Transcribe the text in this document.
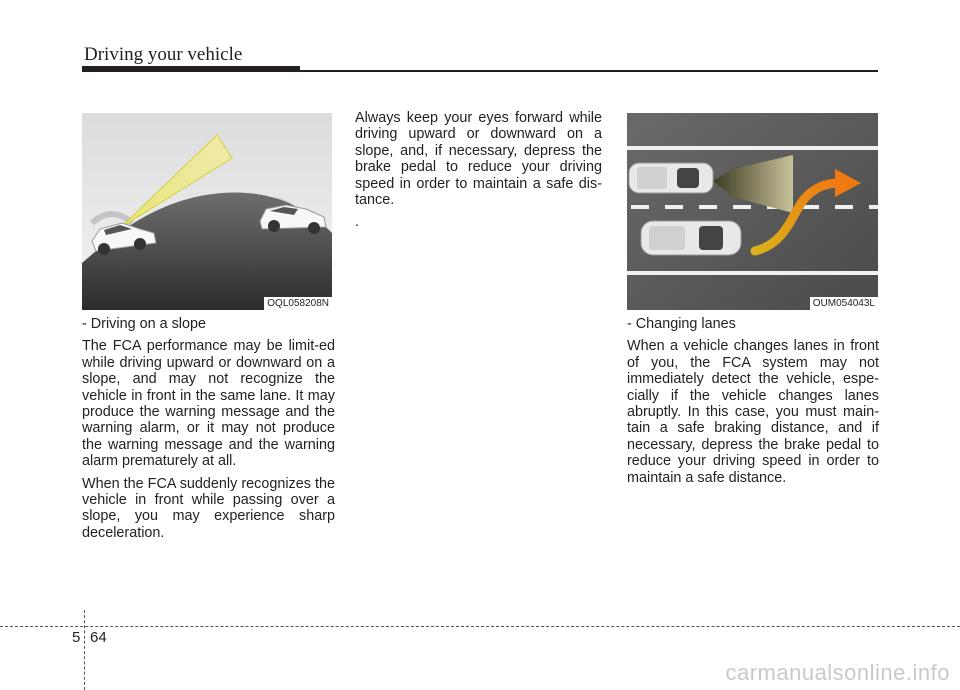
Driving your vehicle
OQL058208N	OUM054043L

- Driving on a slope

The FCA performance may be limit-ed while driving upward or downward on a slope, and may not recognize the vehicle in front in the same lane. It may produce the warning message and the warning alarm, or it may not produce the warning message and the warning alarm prematurely at all.

When the FCA suddenly recognizes the vehicle in front while passing over a slope, you may experience sharp deceleration.

Always keep your eyes forward while driving upward or downward on a slope, and, if necessary, depress the brake pedal to reduce your driving speed in order to maintain a safe dis-tance.

.

- Changing lanes

When a vehicle changes lanes in front of you, the FCA system may not immediately detect the vehicle, espe-cially if the vehicle changes lanes abruptly. In this case, you must main-tain a safe braking distance, and if necessary, depress the brake pedal to reduce your driving speed in order to maintain a safe distance.

5 64
carmanualsonline.info
